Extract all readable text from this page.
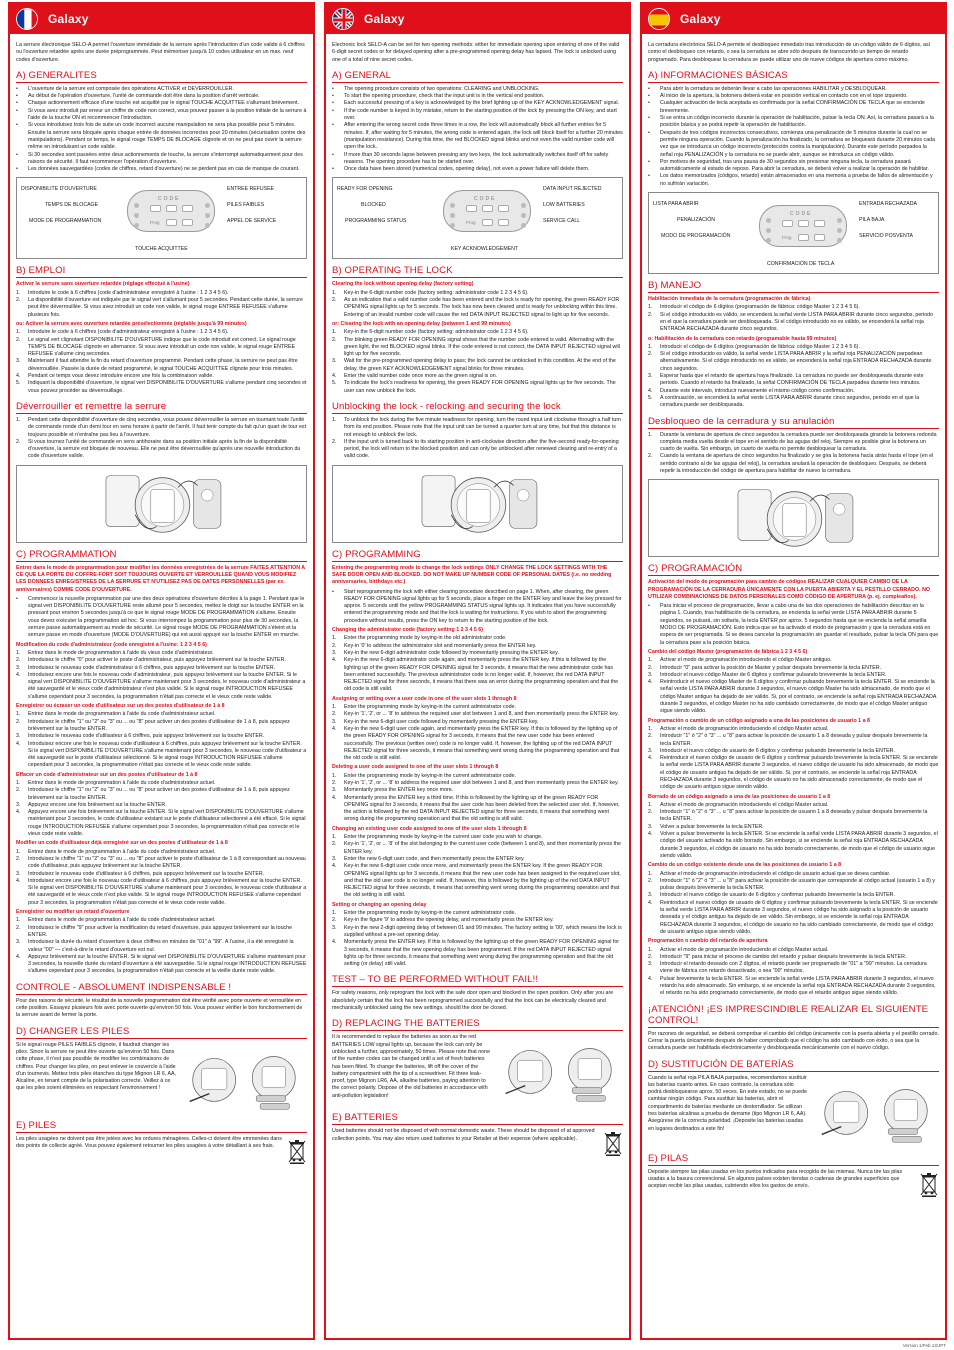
Galaxy

La serrure électronique SELO-A permet l'ouverture immédiate de la serrure après l'introduction d'un code valide à 6 chiffres ou l'ouverture retardée après une durée préprogrammée. Peut mémoriser jusqu'à 10 codes utilisateur en un max. neuf codes d'ouverture.

A) GENERALITES
•	L'ouverture de la serrure est composée des opérations ACTIVER et DEVERROUILLER.
•	Au début de l'opération d'ouverture, l'unité de commande doit être dans la position d'arrêt verticale.
•	Chaque actionnement efficace d'une touche est acquitté par le signal TOUCHE ACQUITTEE s'allumant brièvement.
•	Si vous avez introduit par erreur un chiffre de code non correct, vous pouvez passer à la position initiale de la serrure à l'aide de la touche ON et recommencer l'introduction.
•	Si vous introduisez trois fois de suite un code incorrect aucune manipulation ne sera plus possible pour 5 minutes. Ensuite la serrure sera bloquée après chaque entrée de données incorrectes pour 20 minutes (sécurisation contre des manipulations). Pendant ce temps, le signal rouge TEMPS DE BLOCAGE clignote et on ne peut pas ouvrir la serrure même en introduisant un code valide.
•	Si 30 secondes sont passées entre deux actionnements de touche, la serrure s'interrompt automatiquement pour des raisons de sécurité. Il faut recommencer l'opération d'ouverture.
•	Les données sauvegardées (codes de chiffres, retard d'ouverture) ne se perdent pas en cas de manque de courant.
DISPONIBILITE D'OUVERTURE
TEMPS DE BLOCAGE
MODE DE PROGRAMMATION
ENTREE REFUSEE
PILES FAIBLES
APPEL DE SERVICE
TOUCHE ACQUITTEE
CODE
Prog
B) EMPLOI
Activer la serrure sans ouverture retardée (réglage effectué à l'usine)
1.	Introduire le code à 6 chiffres (code d'administrateur enregistré à l'usine : 1 2 3 4 5 6).
2.	La disponibilité d'ouverture est indiquée par le signal vert s'allumant pour 5 secondes. Pendant cette durée, la serrure peut être déverrouillée. Si vous avez introduit un code non valide, le signal rouge ENTREE REFUSEE s'allume plusieurs fois.
ou: Activer la serrure avec ouverture retardée présélectionnée (réglable jusqu'à 99 minutes)
1.	Introduire le code à 6 chiffres (code d'administrateur enregistré à l'usine : 1 2 3 4 5 6).
2.	Le signal vert clignotant DISPONIBILITE D'OUVERTURE indique que le code introduit est correct. Le signal rouge TEMPS DE BLOCAGE clignote en alternance. Si vous avez introduit un code non valide, le signal rouge ENTREE REFUSEE s'allume cinq secondes.
3.	Maintenant il faut attendre la fin du retard d'ouverture programmé. Pendant cette phase, la serrure ne peut pas être déverrouillée. Passée la durée de retard programmé, le signal TOUCHE ACQUITTEE clignote pour trois minutes.
4.	Pendant ce temps vous devez introduire encore une fois la combinaison valide.
5.	Indiquant la disponibilité d'ouverture, le signal vert DISPONIBILITE D'OUVERTURE s'allume pendant cinq secondes et vous pouvez procéder au déverrouillage.
Déverrouiller et remettre la serrure
1.	Pendant cette disponibilité d'ouverture de cinq secondes, vous pouvez déverrouiller la serrure en tournant toute l'unité de commande ronde d'un demi tour en sens horaire à partir de l'arrêt. Il faut tenir compte du fait qu'un quart de tour est toujours possible et n'entraîne pas lieu à l'ouverture.
2.	Si vous tournez l'unité de commande en sens antihoraire dans sa position initiale après la fin de la disponibilité d'ouverture, la serrure est bloquée de nouveau. Elle ne peut être déverrouillée qu'après une nouvelle introduction du code d'ouverture valide.
C) PROGRAMMATION
Entrer dans le mode de programmation pour modifier les données enregistrées de la serrure FAITES ATTENTION A CE QUE LA PORTE DU COFFRE-FORT SOIT TOUJOURS OUVERTE ET VERROUILLEE QUAND VOUS MODIFIEZ LES DONNEES ENREGISTREES DE LA SERRURE ET N'UTILISEZ PAS DE DATES PERSONNELLES (par ex. anniversaires) COMME CODE D'OUVERTURE.
•	Commencez la nouvelle programmation par une des deux opérations d'ouverture décrites à la page 1. Pendant que le signal vert DISPONIBILITE D'OUVERTURE reste allumé pour 5 secondes, mettez le doigt sur la touche ENTER en la pressant pour environ 5 secondes jusqu'à ce que le signal rouge MODE DE PROGRAMMATION s'allume. Ensuite vous devez exécuter la programmation ad hoc. Si vous interrompez la programmation pour plus de 30 secondes, la serrure passe automatiquement au mode de sécurité. Le signal rouge MODE DE PROGRAMMATION s'éteint et la serrure passe en mode d'ouverture (MODE D'OUVERTURE) qui est aussi appuyé sur la touche ENTER en marche.
Modification du code d'administrateur (code enregistré à l'usine: 1 2 3 4 5 6)
1.	Entrez dans le mode de programmation à l'aide du vieux code d'administrateur.
2.	Introduisez le chiffre "0" pour activer le poste d'administrateur, puis appuyez brièvement sur la touche ENTER.
3.	Introduisez le nouveau code d'administrateur à 6 chiffres, puis appuyez brièvement sur la touche ENTER.
4.	Introduisez encore une fois le nouveau code d'administrateur, puis appuyez brièvement sur la touche ENTER. Si le signal vert DISPONIBILITE D'OUVERTURE s'allume maintenant pour 3 secondes, le nouveau code d'administrateur a été sauvegardé et le vieux code d'administrateur n'est plus valide. Si le signal rouge INTRODUCTION REFUSEE s'allume cependant pour 3 secondes, la programmation n'était pas correcte et le vieux code reste valide.
Enregistrer ou écraser un code d'utilisateur sur un des postes d'utilisateur de 1 à 8
1.	Entrez dans le mode de programmation à l'aide du code d'administrateur actuel.
2.	Introduisez le chiffre "1" ou "2" ou "3" ou ... ou "8" pour activer un des postes d'utilisateur de 1 à 8, puis appuyez brièvement sur la touche ENTER.
3.	Introduisez le nouveau code d'utilisateur à 6 chiffres, puis appuyez brièvement sur la touche ENTER.
4.	Introduisez encore une fois le nouveau code d'utilisateur à 6 chiffres, puis appuyez brièvement sur la touche ENTER. Si le signal vert DISPONIBILITE D'OUVERTURE s'allume maintenant pour 3 secondes, le nouveau code d'utilisateur a été sauvegardé sur le poste d'utilisateur sélectionné. Si le signal rouge INTRODUCTION REFUSEE s'allume cependant pour 3 secondes, la programmation n'était pas correcte et le vieux code reste valide.
Effacer un code d'administrateur sur un des postes d'utilisateur de 1 à 8
1.	Entrez dans le mode de programmation à l'aide du code d'administrateur actuel.
2.	Introduisez le chiffre "1" ou "2" ou "3" ou ... ou "8" pour activer un des postes d'utilisateur de 1 à 8, puis appuyez brièvement sur la touche ENTER.
3.	Appuyez encore une fois brièvement sur la touche ENTER.
4.	Appuyez encore une fois brièvement sur la touche ENTER. Si le signal vert DISPONIBILITE D'OUVERTURE s'allume maintenant pour 3 secondes, le code d'utilisateur existant sur le poste d'utilisateur sélectionné a été effacé. Si le signal rouge INTRODUCTION REFUSEE s'allume cependant pour 3 secondes, la programmation n'était pas correcte et le vieux code reste valide.
Modifier un code d'utilisateur déjà enregistré sur un des postes d'utilisateur de 1 à 8
1.	Entrez dans le mode de programmation à l'aide du code d'administrateur actuel.
2.	Introduisez le chiffre "1" ou "2" ou "3" ou ... ou "8" pour activer le poste d'utilisateur de 1 à 8 correspondant au nouveau code d'utilisateur, puis appuyez brièvement sur la touche ENTER.
3.	Introduisez le nouveau code d'utilisateur à 6 chiffres, puis appuyez brièvement sur la touche ENTER.
4.	Introduisez encore une fois le nouveau code d'utilisateur à 6 chiffres, puis appuyez brièvement sur la touche ENTER. Si le signal vert DISPONIBILITE D'OUVERTURE s'allume maintenant pour 3 secondes, le nouveau code d'utilisateur a été sauvegardé et le vieux code n'est plus valide. Si le signal rouge INTRODUCTION REFUSEE s'allume cependant pour 3 secondes, la programmation n'était pas correcte et le vieux code reste valide.
Enregistrer ou modifier un retard d'ouverture
1.	Entrez dans le mode de programmation à l'aide du code d'administrateur actuel.
2.	Introduisez le chiffre "9" pour activer la modification du retard d'ouverture, puis appuyez brièvement sur la touche ENTER.
3.	Introduisez la durée du retard d'ouverture à deux chiffres en minutes de "01" à "99". A l'usine, il a été enregistré la valeur "00" — c'est-à-dire le retard d'ouverture est nul.
4.	Appuyez brièvement sur la touche ENTER. Si le signal vert DISPONIBILITE D'OUVERTURE s'allume maintenant pour 3 secondes, la nouvelle durée du retard d'ouverture a été sauvegardée. Si le signal rouge INTRODUCTION REFUSEE s'allume cependant pour 3 secondes, la programmation n'était pas correcte et la vieille durée reste valide.
CONTROLE - ABSOLUMENT INDISPENSABLE !

Pour des raisons de sécurité, le résultat de la nouvelle programmation doit être vérifié avec porte ouverte et verrouillée en cette position. Essayez plusieurs fois avec porte ouverte qu'environ 50 fois. Vous pouvez vérifier le bon fonctionnement de la serrure avant de fermer la porte.

D) CHANGER LES PILES

Si le signal rouge PILES FAIBLES clignote, il faudrait changer les piles. Sinon la serrure ne peut être ouverte qu'environ 50 fois. Dans cette phase, il n'est pas possible de modifier les combinaisons de chiffres. Pour changer les piles, on peut enlever le couvercle à l'aide d'un tournevis. Mettez trois piles étanches du type Mignon LR 6, AA, Alcaline, en tenant compte de la polarisation correcte. Veillez à ce que les piles soient éliminées en respectant l'environnement !

E) PILES

Les piles usagées ne doivent pas être jetées avec les ordures ménagères. Celles-ci doivent être emmenées dans des points de collecte agréé. Vous pouvez également retourner les piles usagées à votre détaillant à ses frais.

Galaxy

Electronic lock SELO-A can be set for two opening methods: either for immediate opening upon entering of one of the valid 6-digit secret codes or for delayed opening after a pre-programmed opening delay has lapsed. The lock is unlocked using one of a total of nine secret codes.

A) GENERAL
•	The opening procedure consists of two operations: CLEARING and UNBLOCKING.
•	To start the opening procedure, check that the input unit is in the vertical end position.
•	Each successful pressing of a key is acknowledged by the brief lighting up of the KEY ACKNOWLEDGEMENT signal.
•	If the code number is keyed in by mistake, return to the starting position of the lock by pressing the ON key, and start over.
•	After entering the wrong secret code three times in a row, the lock will automatically block all further entries for 5 minutes. If, after waiting for 5 minutes, the wrong code is entered again, the lock will block itself for a further 20 minutes (manipulation resistance). During this time, the red BLOCKED signal blinks and not even the valid number code will open the lock.
•	If more than 30 seconds lapse between pressing any two keys, the lock automatically switches itself off for safety reasons. The opening procedure has to be started over.
•	Once data have been stored (numerical codes, opening delay), not even a power failure will delete them.
READY FOR OPENING
BLOCKED
PROGRAMMING STATUS
DATA INPUT REJECTED
LOW BATTERIES
SERVICE CALL
KEY ACKNOWLEDGEMENT
CODE
Prog
B) OPERATING THE LOCK
Clearing the lock without opening delay (factory setting)
1.	Key-in the 6-digit number code (factory setting: administrator code 1 2 3 4 5 6).
2.	As an indication that a valid number code has been entered and the lock is ready for opening, the green READY FOR OPENING signal lights up for 5 seconds. The lock has now been cleared and is ready for unblocking within this time. Entering of an invalid number code will cause the red DATA INPUT REJECTED signal to light up for five seconds.
or: Clearing the lock with an opening delay (between 1 and 99 minutes)
1.	Key-in the 6-digit number code (factory setting: administrator code 1 2 3 4 5 6).
2.	The blinking green READY FOR OPENING signal shows that the number code entered is valid. Alternating with the green light, the red BLOCKED signal blinks. If the code entered is not correct, the DATA INPUT REJECTED signal will light up for five seconds.
3.	Wait for the pre-programmed opening delay to pass; the lock cannot be unblocked in this condition. At the end of the delay, the green KEY ACKNOWLEDGEMENT signal blinks for three minutes.
4.	Enter the valid number code once more as the green signal is on.
5.	To indicate the lock's readiness for opening, the green READY FOR OPENING signal lights up for five seconds. The user can now unblock the lock.
Unblocking the lock - relocking and securing the lock
1.	To unblock the lock during the five minute readiness for opening, turn the round input unit clockwise through a half turn from its end position. Please note that the input unit can be turned a quarter turn at any time, but that this distance is not enough to unblock the lock.
2.	If the input unit is turned back to its starting position in anti-clockwise direction after the five-second ready-for-opening period, the lock will return to the blocked position and can only be unblocked after renewed clearing and re-entry of a valid code.
C) PROGRAMMING
Entering the programming mode to change the lock settings ONLY CHANGE THE LOCK SETTINGS WITH THE SAFE DOOR OPEN AND BLOCKED. DO NOT MAKE UP NUMBER CODE OF PERSONAL DATES (i.e. no wedding anniversaries, birthdays etc.)
•	Start reprogramming the lock with either clearing procedure described on page 1. When, after clearing, the green READY FOR OPENING signal lights up for 5 seconds, place a finger on the ENTER key and leave the key pressed for approx. 5 seconds until the yellow PROGRAMMING STATUS signal lights up. It indicates that you have successfully entered the programming mode and that the lock is waiting for instructions. If you wish to abort the programming procedure without results, press the ON key to return to the starting position of the lock.
Changing the administrator code (factory setting 1 2 3 4 5 6)
1.	Enter the programming mode by keying-in the old administrator code.
2.	Key-in '0' to address the administrator slot and momentarily press the ENTER key.
3.	Key-in the new 6-digit administrator code followed by momentarily pressing the ENTER key.
4.	Key-in the new 6-digit administrator code again, and momentarily press the ENTER key. If this is followed by the lighting up of the green READY FOR OPENING signal for 3 seconds, it means that the new administrator code has been entered successfully. The previous administrator code is no longer valid. If, however, the red DATA INPUT REJECTED signal for three seconds, it means that there was an error during the programming operation and that the old code is still valid.
Assigning or writing over a user code in one of the user slots 1 through 8
1.	Enter the programming mode by keying-in the current administrator code.
2.	Key-in '1', '2', or ... '8' to address the required user slot between 1 and 8, and then momentarily press the ENTER key.
3.	Key-in the new 6-digit user code followed by momentarily pressing the ENTER key.
4.	Key-in the new 6-digit user code again, and momentarily press the ENTER key. If this is followed by the lighting up of the green READY FOR OPENING signal for 3 seconds, it means that the new user code has been entered successfully. The previous (written over) code is no longer valid. If, however, the lighting up of the red DATA INPUT REJECTED signal for three seconds, it means that something went wrong during the programming operation and that the old code is still valid.
Deleting a user code assigned to one of the user slots 1 through 8
1.	Enter the programming mode by keying-in the current administrator code.
2.	Key-in '1', '2', or ... '8' to address the required user slot between 1 and 8, and then momentarily press the ENTER key.
3.	Momentarily press the ENTER key once more.
4.	Momentarily press the ENTER key a third time. If this is followed by the lighting up of the green READY FOR OPENING signal for 3 seconds, it means that the user code has been deleted from the selected user slot. If, however, the action is followed by the red DATA INPUT REJECTED signal for three seconds, it means that something went wrong during the programming operation and that the old setting is still valid.
Changing an existing user code assigned to one of the user slots 1 through 8
1.	Enter the programming mode by keying-in the current user code you wish to change.
2.	Key-in '1', '2', or ... '8' of the slot belonging to the current user code (between 1 and 8), and then momentarily press the ENTER key.
3.	Enter the new 6-digit user code, and then momentarily press the ENTER key.
4.	Key-in the new 6-digit user code once more, and momentarily press the ENTER key. If the green READY FOR OPENING signal lights up for 3 seconds, it means that the new user code has been assigned to the required user slot, and that the old user code is no longer valid. If, however, this is followed by the lighting up of the red DATA INPUT REJECTED signal for three seconds, it means that something went wrong during the programming operation and that the old setting is still valid.
Setting or changing an opening delay
1.	Enter the programming mode by keying-in the current administrator code.
2.	Key-in the figure '9' to address the opening delay, and momentarily press the ENTER key.
3.	Key-in the new 2-digit opening delay of between 01 and 99 minutes. The factory setting is '00', which means the lock is supplied without a pre-set opening delay.
4.	Momentarily press the ENTER key. If this is followed by the lighting up of the green READY FOR OPENING signal for 3 seconds, it means that the new opening delay has been programmed. If the red DATA INPUT REJECTED signal lights up for three seconds, it means that something went wrong during the programming operation and that the old setting (or delay) still valid.
TEST – TO BE PERFORMED WITHOUT FAIL!!

For safety reasons, only reprogram the lock with the safe door open and blocked in the open position. Only after you are absolutely certain that the lock has been reprogrammed successfully and that the lock can be electrically cleared and mechanically unblocked using the new settings, should the door be closed.

D) REPLACING THE BATTERIES

It is recommended to replace the batteries as soon as the red BATTERIES LOW signal lights up, because the lock can only be unblocked a further, approximately, 50 times. Please note that none of the number codes can be changed until a set of fresh batteries has been fitted. To change the batteries, lift off the cover of the battery compartment with the tip of a screwdriver. Fit three leak-proof, type Mignon LR6, AA, alkaline batteries, paying attention to the correct polarity. Dispose of the old batteries in accordance with anti-pollution legislation!

E) BATTERIES

Used batteries should not be disposed of with normal domestic waste. These should be disposed of at approved collection points. You may also return used batteries to your Retailer at their expense (where applicable).

Galaxy

La cerradura electrónica SELO-A permite el desbloqueo inmediato tras introducción de un código válido de 6 dígitos, así como el desbloqueo con retardo, o sea la cerradura se abre sólo después de transcurrido un tiempo de retardo programado. Para desbloquear la cerradura se puede utilizar uno de nueve códigos de apertura como máximo.

A) INFORMACIONES BÁSICAS
•	Para abrir la cerradura se deberán llevar a cabo las operaciones HABILITAR y DESBLOQUEAR.
•	Al inicio de la apertura, la botonera deberá estar en posición vertical en contacto con en el tope izquierdo.
•	Cualquier activación de tecla aceptada es confirmada por la señal CONFIRMACIÓN DE TECLA que se enciende brevemente.
•	Si se entra un código incorrecto durante la operación de habilitación, pulsar la tecla ON. Así, la cerradura pasará a la posición básica y se podrá repetir la operación de habilitación.
•	Después de tres códigos incorrectos consecutivos, comienza una penalización de 5 minutos durante la cual no se permite ninguna operación. Cuando la penalización ha finalizado, la cerradura se bloqueará durante 20 minutos cada vez que se introduzca un código incorrecto (protección contra la manipulación). Durante este período parpadea la señal roja PENALIZACIÓN y la cerradura no se puede abrir, aunque se introduzca un código válido.
•	Por motivos de seguridad, tras una pausa de 30 segundos sin presionar ninguna tecla, la cerradura pasará automáticamente al estado de reposo. Para abrir la cerradura, se deberá volver a realizar la operación de habilitar.
•	Los datos memorizados (códigos, retardo) están almacenados en una memoria a prueba de fallos de alimentación y no sufrirán variación.
LISTA PARA ABRIR
PENALIZACIÓN
MODO DE PROGRAMACIÓN
ENTRADA RECHAZADA
PILA BAJA
SERVICIO POSVENTA
CONFIRMACIÓN DE TECLA
CODE
Prog
B) MANEJO
Habilitación inmediata de la cerradura (programación de fábrica)
1.	Introducir el código de 6 dígitos (programación de fábrica: código Master 1 2 3 4 5 6).
2.	Si el código introducido es válido, se encenderá la señal verde LISTA PARA ABRIR durante cinco segundos, periodo en el que la cerradura puede ser desbloqueada. Si el código introducido no es válido, se encenderá la señal roja ENTRADA RECHAZADA durante cinco segundos.
o: Habilitación de la cerradura con retardo (programable hasta 99 minutos)
1.	Introducir el código de 6 dígitos (programación de fábrica: código Master 1 2 3 4 5 6).
2.	Si el código introducido es válido, la señal verde LISTA PARA ABRIR y la señal roja PENALIZACIÓN parpadean alternativamente. Si el código introducido no es válido, se encenderá la señal roja ENTRADA RECHAZADA durante cinco segundos.
3.	Esperar hasta que el retardo de apertura haya finalizado. La cerradura no puede ser desbloqueada durante este periodo. Cuando el retardo ha finalizado, la señal CONFIRMACIÓN DE TECLA parpadea durante tres minutos.
4.	Durante este intervalo, introducir nuevamente el mismo código como confirmación.
5.	A continuación, se encenderá la señal verde LISTA PARA ABRIR durante cinco segundos, periodo en el que la cerradura puede ser desbloqueada.
Desbloqueo de la cerradura y su anulación
1.	Durante la ventana de apertura de cinco segundos la cerradura puede ser desbloqueada girando la botonera redonda completa media vuelta desde el tope en el sentido de las agujas del reloj. Siempre es posible girar la botonera un cuarto de vuelta. Sin embargo, un cuarto de vuelta no permite desbloquear la cerradura.
2.	Cuando la ventana de apertura de cinco segundos ha finalizado y se gira la botonera hacia atrás hasta el tope (en el sentido contrario al de las agujas del reloj), la cerradura anulará la operación de desbloqueo. Después, se deberá repetir la introducción del código de apertura para habilitar de nuevo la cerradura.
C) PROGRAMACIÓN
Activación del modo de programación para cambio de códigos REALIZAR CUALQUIER CAMBIO DE LA PROGRAMACIÓN DE LA CERRADURA ÚNICAMENTE CON LA PUERTA ABIERTA Y EL PESTILLO CERRADO. NO UTILIZAR COMBINACIONES DE DATOS PERSONALES COMO CÓDIGO DE APERTURA (p. ej. cumpleaños).
•	Para iniciar el proceso de programación, llevar a cabo una de las dos operaciones de habilitación descritas en la página 1. Cuando, tras habilitación de la cerradura, se encienda la señal verde LISTA PARA ABRIR durante 5 segundos, se pulsará, sin soltarla, la tecla ENTER por aprox. 5 segundos hasta que se encienda la señal amarilla MODO DE PROGRAMACIÓN. Esto indica que se ha activado el modo de programación y que la cerradura está en espera de ser programada. Si se desea cancelar la programación sin guardar el resultado, pulsar la tecla ON para que la cerradura pase a la posición básica.
Cambio del código Master (programación de fábrica 1 2 3 4 5 6)
1.	Activar el modo de programación introduciendo el código Master antiguo.
2.	Introducir "0" para activar la posición de Master y pulsar después brevemente la tecla ENTER.
3.	Introducir el nuevo código Master de 6 dígitos y confirmar pulsando brevemente la tecla ENTER.
4.	Reintroducir el nuevo código Master de 6 dígitos y confirmar pulsando brevemente la tecla ENTER. Si se enciende la señal verde LISTA PARA ABRIR durante 3 segundos, el nuevo código Master ha sido almacenado, de modo que el código Master antiguo ha dejado de ser válido. Si, por el contrario, se enciende la señal roja ENTRADA RECHAZADA durante 3 segundos, el código Master no ha sido cambiado correctamente, de modo que el código Master antiguo sigue siendo válido.
Programación o cambio de un código asignado a una de las posiciones de usuario 1 a 8
1.	Activar el modo de programación introduciendo el código Master actual.
2.	Introducir "1" ó "2" ó "3" ... u "8" para activar la posición de usuario 1 a 8 deseada y pulsar después brevemente la tecla ENTER.
3.	Introducir el nuevo código de usuario de 6 dígitos y confirmar pulsando brevemente la tecla ENTER.
4.	Reintroducir el nuevo código de usuario de 6 dígitos y confirmar pulsando brevemente la tecla ENTER. Si se enciende la señal verde LISTA PARA ABRIR durante 3 segundos, el nuevo código de usuario ha sido almacenado, de modo que el código de usuario antiguo ha dejado de ser válido. Si, por el contrario, se enciende la señal roja ENTRADA RECHAZADA durante 3 segundos, el código de usuario no ha sido almacenado correctamente, de modo que el código de usuario antiguo sigue siendo válido.
Borrado de un código asignado a una de las posiciones de usuario 1 a 8
1.	Activar el modo de programación introduciendo el código Master actual.
2.	Introducir "1" ó "2" ó "3" ... u "8" para activar la posición de usuario 1 a 8 deseada y pulsar después brevemente la tecla ENTER.
3.	Volver a pulsar brevemente la tecla ENTER.
4.	Volver a pulsar brevemente la tecla ENTER. Si se enciende la señal verde LISTA PARA ABRIR durante 3 segundos, el código del usuario activado ha sido borrado. Sin embargo, si se enciende la señal roja ENTRADA RECHAZADA durante 3 segundos, el código de usuario no ha sido borrado correctamente, de modo que el código de usuario sigue siendo válido.
Cambio de un código existente desde una de las posiciones de usuario 1 a 8
1.	Activar el modo de programación introduciendo el código de usuario actual que se desea cambiar.
2.	Introducir "1" ó "2" ó "3" ... u "8" para activar la posición de usuario que corresponde al código actual (usuario 1 a 8) y pulsar después brevemente la tecla ENTER.
3.	Introducir el nuevo código de usuario de 6 dígitos y confirmar pulsando brevemente la tecla ENTER.
4.	Reintroducir el nuevo código de usuario de 6 dígitos y confirmar pulsando brevemente la tecla ENTER. Si se enciende la señal verde LISTA PARA ABRIR durante 3 segundos, el nuevo código ha sido asignado a la posición de usuario deseada y el código antiguo ha dejado de ser válido. Sin embargo, si se enciende la señal roja ENTRADA RECHAZADA durante 3 segundos, el código de usuario no ha sido cambiado correctamente, de modo que el código de usuario antiguo sigue siendo válido.
Programación o cambio del retardo de apertura
1.	Activar el modo de programación introduciendo el código Master actual.
2.	Introducir "9" para iniciar el proceso de cambio del retardo y pulsar después brevemente la tecla ENTER.
3.	Introducir el retardo deseado con 2 dígitos, el retardo puede ser programado de "01" a "99" minutos. La cerradura viene de fábrica con retardo desactivado, o sea "00" minutos.
4.	Pulsar brevemente la tecla ENTER. Si se enciende la señal verde LISTA PARA ABRIR durante 3 segundos, el nuevo retardo ha sido almacenado. Sin embargo, si se enciende la señal roja ENTRADA RECHAZADA durante 3 segundos, el retardo no ha sido programado correctamente, de modo que el retardo antiguo sigue siendo válido.
¡ATENCIÓN! ¡ES IMPRESCINDIBLE REALIZAR EL SIGUIENTE CONTROL!

Por razones de seguridad, se deberá comprobar el cambio del código únicamente con la puerta abierta y el pestillo cerrado. Cerrar la puerta únicamente después de haber comprobado que el código ha sido cambiado con éxito, o sea que la cerradura puede ser habilitada electrónicamente y desbloqueada mecánicamente con el nuevo código.

D) SUSTITUCIÓN DE BATERÍAS

Cuando la señal roja PILA BAJA parpadea, recomendamos sustituir las baterías cuanto antes. En caso contrario, la cerradura sólo podrá desbloquearse aprox. 50 veces. En este estado, no se puede cambiar ningún código. Para sustituir las baterías, abrir el compartimento de baterías mediante un destornillador. Se utilizan tres baterías alcalinas a prueba de derrame (tipo Mignon LR 6, AA). Asegúrese de la correcta polaridad. ¡Deposite las baterías usadas en lugares destinados a este fin!

E) PILAS

Deposite siempre las pilas usadas en los puntos indicados para recogida de las mismas. Nunca tire las pilas usadas a la basura convencional. En algunos países existen tiendas o cadenas de grandes superficies que aceptan recibir las pilas usadas, cubriendo ellos los gastos de envío.

Version 1/Feb 13/JPT
